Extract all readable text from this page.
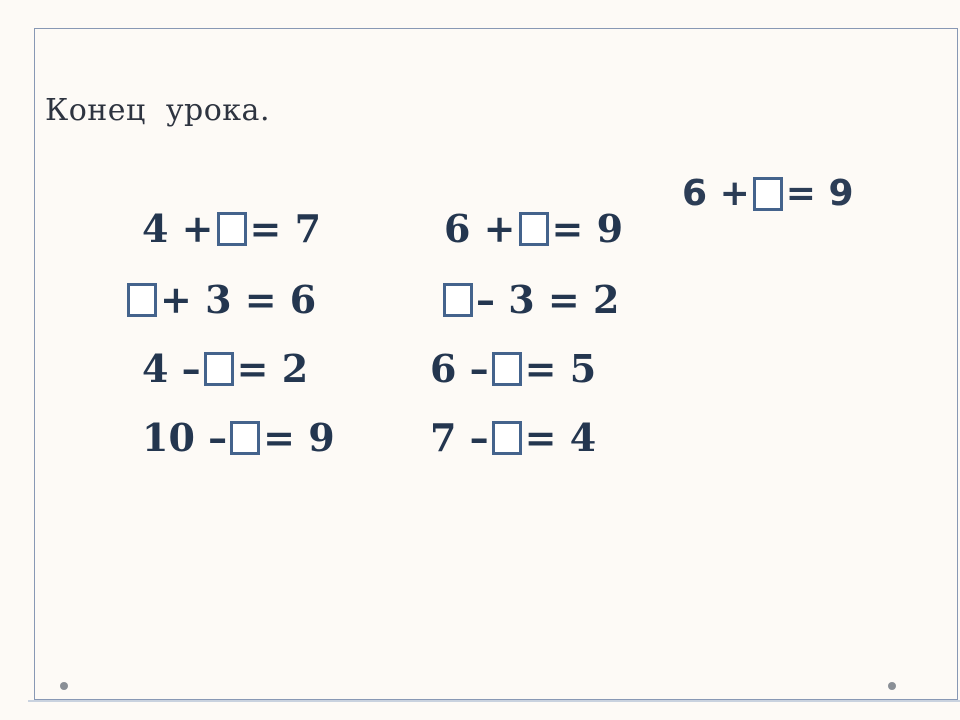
Конец  урока.
6 + = 9
4 + = 7	6 + = 9
+ 3 = 6	– 3 = 2
4 – = 2	6 – = 5
10 – = 9	7 – = 4
